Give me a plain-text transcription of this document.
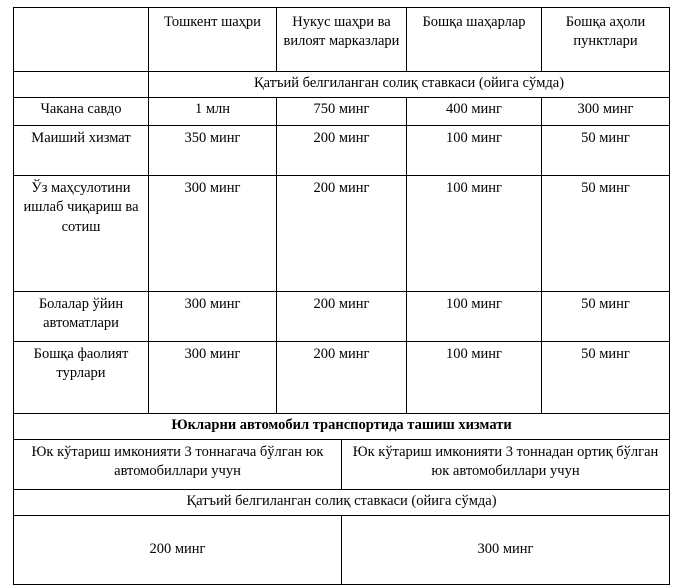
	Тошкент шаҳри	Нукус шаҳри ва вилоят марказлари	Бошқа шаҳарлар	Бошқа аҳоли пунктлари
	Қатъий белгиланган солиқ ставкаси (ойига сўмда)			
Чакана савдо	1 млн	750 минг	400 минг	300 минг
Маиший хизмат	350 минг	200 минг	100 минг	50 минг
Ўз маҳсулотини ишлаб чиқариш ва сотиш	300 минг	200 минг	100 минг	50 минг
Болалар ўйин автоматлари	300 минг	200 минг	100 минг	50 минг
Бошқа фаолият турлари	300 минг	200 минг	100 минг	50 минг
Юкларни автомобил транспортида ташиш хизмати	
Юк кўтариш имконияти 3 тоннагача бўлган юк автомобиллари учун	Юк кўтариш имконияти 3 тоннадан ортиқ бўлган юк автомобиллари учун
Қатъий белгиланган солиқ ставкаси (ойига сўмда)	
200 минг	300 минг
